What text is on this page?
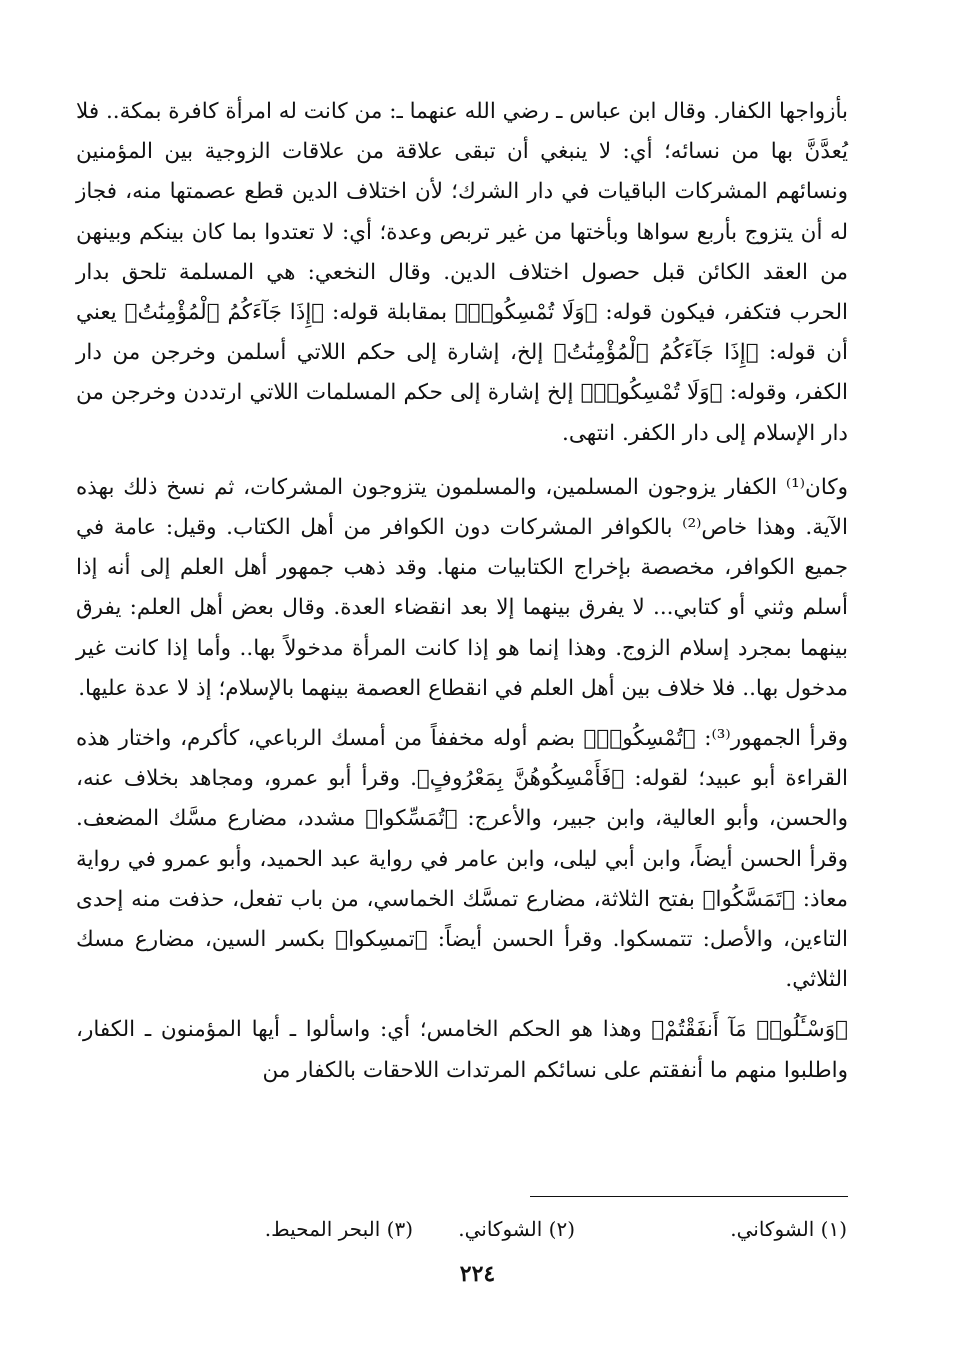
بأزواجها الكفار. وقال ابن عباس ـ رضي الله عنهما ـ: من كانت له امرأة كافرة بمكة.. فلا يُعدَّنَّ بها من نسائه؛ أي: لا ينبغي أن تبقى علاقة من علاقات الزوجية بين المؤمنين ونسائهم المشركات الباقيات في دار الشرك؛ لأن اختلاف الدين قطع عصمتها منه، فجاز له أن يتزوج بأربع سواها وبأختها من غير تربص وعدة؛ أي: لا تعتدوا بما كان بينكم وبينهن من العقد الكائن قبل حصول اختلاف الدين. وقال النخعي: هي المسلمة تلحق بدار الحرب فتكفر، فيكون قوله: ﴿وَلَا تُمْسِكُوا۟﴾ بمقابلة قوله: ﴿إِذَا جَآءَكُمُ ٱلْمُؤْمِنَٰتُ﴾ يعني أن قوله: ﴿إِذَا جَآءَكُمُ ٱلْمُؤْمِنَٰتُ﴾ إلخ، إشارة إلى حكم اللاتي أسلمن وخرجن من دار الكفر، وقوله: ﴿وَلَا تُمْسِكُوا۟﴾ إلخ إشارة إلى حكم المسلمات اللاتي ارتددن وخرجن من دار الإسلام إلى دار الكفر. انتهى.

وكان⁽¹⁾ الكفار يزوجون المسلمين، والمسلمون يتزوجون المشركات، ثم نسخ ذلك بهذه الآية. وهذا خاص⁽²⁾ بالكوافر المشركات دون الكوافر من أهل الكتاب. وقيل: عامة في جميع الكوافر، مخصصة بإخراج الكتابيات منها. وقد ذهب جمهور أهل العلم إلى أنه إذا أسلم وثني أو كتابي... لا يفرق بينهما إلا بعد انقضاء العدة. وقال بعض أهل العلم: يفرق بينهما بمجرد إسلام الزوج. وهذا إنما هو إذا كانت المرأة مدخولاً بها.. وأما إذا كانت غير مدخول بها.. فلا خلاف بين أهل العلم في انقطاع العصمة بينهما بالإسلام؛ إذ لا عدة عليها.

وقرأ الجمهور⁽³⁾: ﴿تُمْسِكُوا۟﴾ بضم أوله مخففاً من أمسك الرباعي، كأكرم، واختار هذه القراءة أبو عبيد؛ لقوله: ﴿فَأَمْسِكُوهُنَّ بِمَعْرُوفٍ﴾. وقرأ أبو عمرو، ومجاهد بخلاف عنه، والحسن، وأبو العالية، وابن جبير، والأعرج: ﴿تُمَسِّكوا﴾ مشدد، مضارع مسَّك المضعف. وقرأ الحسن أيضاً، وابن أبي ليلى، وابن عامر في رواية عبد الحميد، وأبو عمرو في رواية معاذ: ﴿تَمَسَّكُوا﴾ بفتح الثلاثة، مضارع تمسَّك الخماسي، من باب تفعل، حذفت منه إحدى التاءين، والأصل: تتمسكوا. وقرأ الحسن أيضاً: ﴿تمسِكوا﴾ بكسر السين، مضارع مسك الثلاثي.

﴿وَسْـَٔلُوا۟ مَآ أَنفَقْتُمْ﴾ وهذا هو الحكم الخامس؛ أي: واسألوا ـ أيها المؤمنون ـ الكفار، واطلبوا منهم ما أنفقتم على نسائكم المرتدات اللاحقات بالكفار من

(١) الشوكاني.
(٢) الشوكاني.
(٣) البحر المحيط.
٢٢٤
